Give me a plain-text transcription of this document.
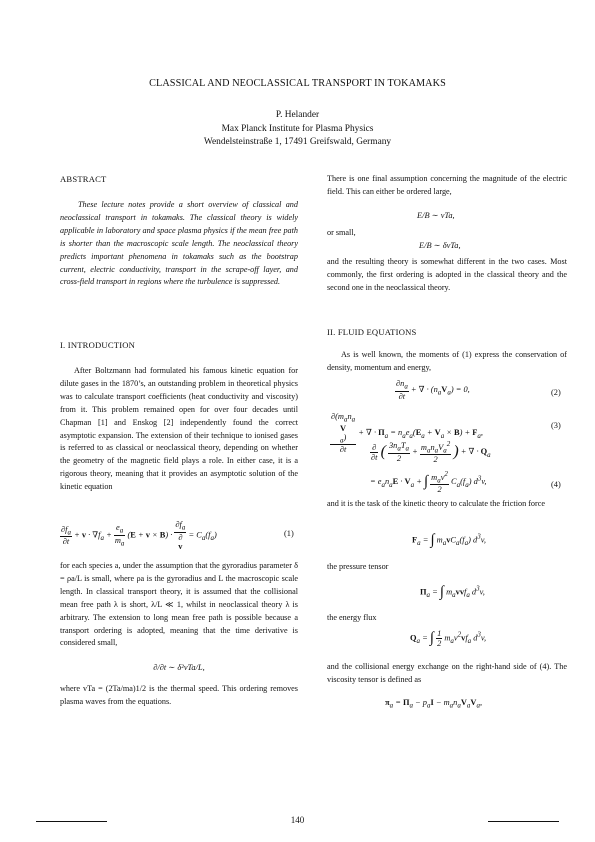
CLASSICAL AND NEOCLASSICAL TRANSPORT IN TOKAMAKS
P. Helander
Max Planck Institute for Plasma Physics
Wendelsteinstraße 1, 17491 Greifswald, Germany
ABSTRACT
These lecture notes provide a short overview of classical and neoclassical transport in tokamaks. The classical theory is widely applicable in laboratory and space plasma physics if the mean free path is shorter than the macroscopic scale length. The neoclassical theory predicts important phenomena in tokamaks such as the bootstrap current, electric conductivity, transport in the scrape-off layer, and cross-field transport in regions where the turbulence is suppressed.
I. INTRODUCTION
After Boltzmann had formulated his famous kinetic equation for dilute gases in the 1870’s, an outstanding problem in theoretical physics was to calculate transport coefficients (heat conductivity and viscosity) from it. This problem remained open for over four decades until Chapman [1] and Enskog [2] independently found the correct asymptotic expansion. The extension of their technique to ionised gases is referred to as classical or neoclassical theory, depending on whether the geometry of the magnetic field plays a role. In either case, it is a rigorous theory, meaning that it provides an asymptotic solution of the kinetic equation
$\frac{\partial f_a}{\partial t} + v \cdot \nabla f_a + \frac{e_a}{m_a} (E + v \times B) \cdot \partial f_a$
∂
$v = C_a(f_a)$	(1)
for each species a, under the assumption that the gyroradius parameter δ = ρa/L is small, where ρa is the gyroradius and L the macroscopic scale length. In classical transport theory, it is assumed that the collisional mean free path λ is short, λ/L ≪ 1, whilst in neoclassical theory λ is arbitrary. The extension to long mean free path is possible because a transport ordering is adopted, meaning that the time derivative is considered small,
∂/∂t ∼ δ²vTa/L,
where vTa = (2Ta/ma)1/2 is the thermal speed. This ordering removes plasma waves from the equations.
There is one final assumption concerning the magnitude of the electric field. This can either be ordered large,
E/B ∼ vTa,
or small,
E/B ∼ δvTa,
and the resulting theory is somewhat different in the two cases. Most commonly, the first ordering is adopted in the classical theory and the second one in the neoclassical theory.
II. FLUID EQUATIONS
As is well known, the moments of (1) express the conservation of density, momentum and energy,
$\frac{\partial n_a}{\partial t}$ + ∇ · $(n_aV_a) = 0$,	(2)
$\partial(m_an_a$
V
$_a$)
∂t + ∇ · $\Pi_a = n_ae_a(E_a + V_a \times B) + F_a$,
(3)
$\frac{\partial}{\partial t}$ ( $\frac{3n_aT_a}{2} + \frac{m_an_aV_a^2}{2}$ ) + ∇ · $Q_a$
= $e_an_aE \cdot V_a$ + ∫ $\frac{m_av^2}{2} C_a(f_a)$ $d^3v$,	(4)
and it is the task of the kinetic theory to calculate the friction force
$F_a$ = ∫ $m_avC_a(f_a)$ $d^3v$,
the pressure tensor
$\Pi_a$ = ∫ $m_avvf_a$ $d^3v$,
the energy flux
$Q_a$ = ∫ $\frac{1}{2} m_av^2vf_a$ $d^3v$,
and the collisional energy exchange on the right-hand side of (4). The viscosity tensor is defined as
$\pi_a = \Pi_a - p_aI - m_an_aV_aV_a$,
140
